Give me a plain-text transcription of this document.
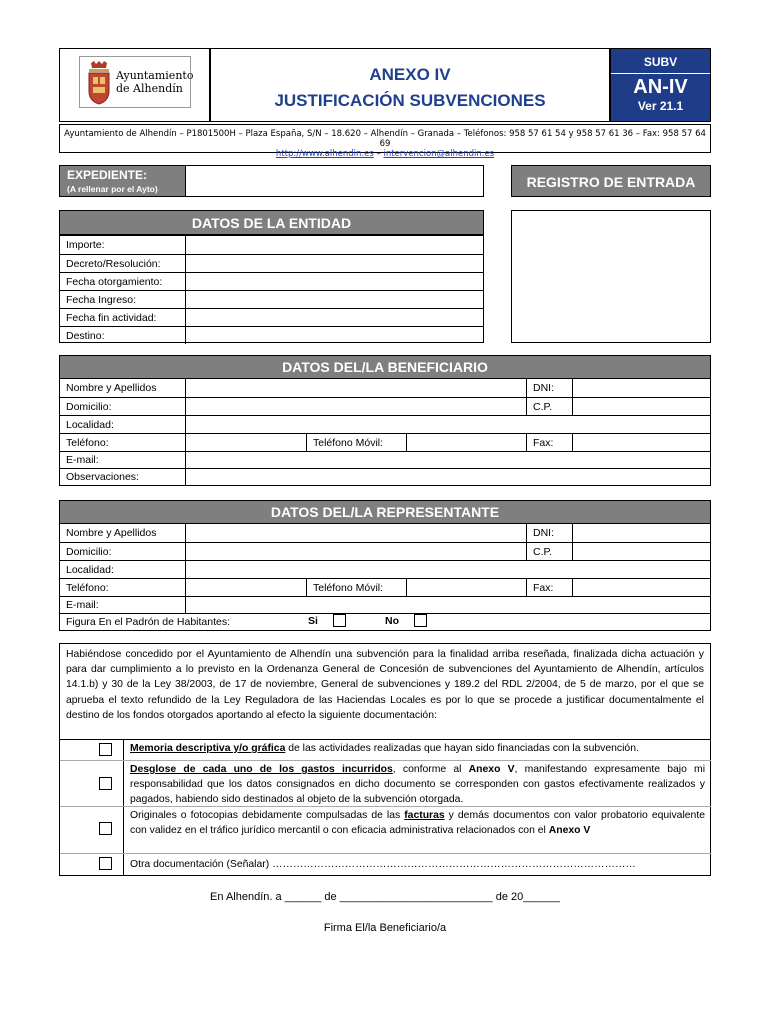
Ayuntamiento
de Alhendín
ANEXO IV
JUSTIFICACIÓN SUBVENCIONES
SUBV
AN-IV
Ver 21.1
Ayuntamiento de Alhendín – P1801500H – Plaza España, S/N – 18.620 – Alhendín – Granada – Teléfonos: 958 57 61 54 y 958 57 61 36 – Fax: 958 57 64 69
http://www.alhendin.es – intervencion@alhendin.es
EXPEDIENTE:
(A rellenar por el Ayto)	REGISTRO DE ENTRADA
DATOS DE LA ENTIDAD
Importe:
Decreto/Resolución:
Fecha otorgamiento:
Fecha Ingreso:
Fecha fin actividad:
Destino:
DATOS DEL/LA BENEFICIARIO
Nombre y Apellidos	DNI:
Domicilio:	C.P.
Localidad:
Teléfono:	Teléfono Móvil:	Fax:
E-mail:
Observaciones:
DATOS DEL/LA REPRESENTANTE
Nombre y Apellidos	DNI:
Domicilio:	C.P.
Localidad:
Teléfono:	Teléfono Móvil:	Fax:
E-mail:
Figura En el Padrón de Habitantes:	Si	No
Habiéndose concedido por el Ayuntamiento de Alhendín una subvención para la finalidad arriba reseñada, finalizada dicha actuación y para dar cumplimiento a lo previsto en la Ordenanza General de Concesión de subvenciones del Ayuntamiento de Alhendín, artículos 14.1.b) y 30 de la Ley 38/2003, de 17 de noviembre, General de subvenciones y 189.2 del RDL 2/2004, de 5 de marzo, por el que se aprueba el texto refundido de la Ley Reguladora de las Haciendas Locales es por lo que se procede a justificar documentalmente el destino de los fondos otorgados aportando al efecto la siguiente documentación:
Memoria descriptiva y/o gráfica de las actividades realizadas que hayan sido financiadas con la subvención.
Desglose de cada uno de los gastos incurridos, conforme al Anexo V, manifestando expresamente bajo mi responsabilidad que los datos consignados en dicho documento se corresponden con gastos efectivamente realizados y pagados, habiendo sido destinados al objeto de la subvención otorgada.
Originales o fotocopias debidamente compulsadas de las facturas y demás documentos con valor probatorio equivalente con validez en el tráfico jurídico mercantil o con eficacia administrativa relacionados con el Anexo V
Otra documentación (Señalar) ……………………………………………………………………………………………
En Alhendín. a ______ de _________________________ de 20______
Firma El/la Beneficiario/a
